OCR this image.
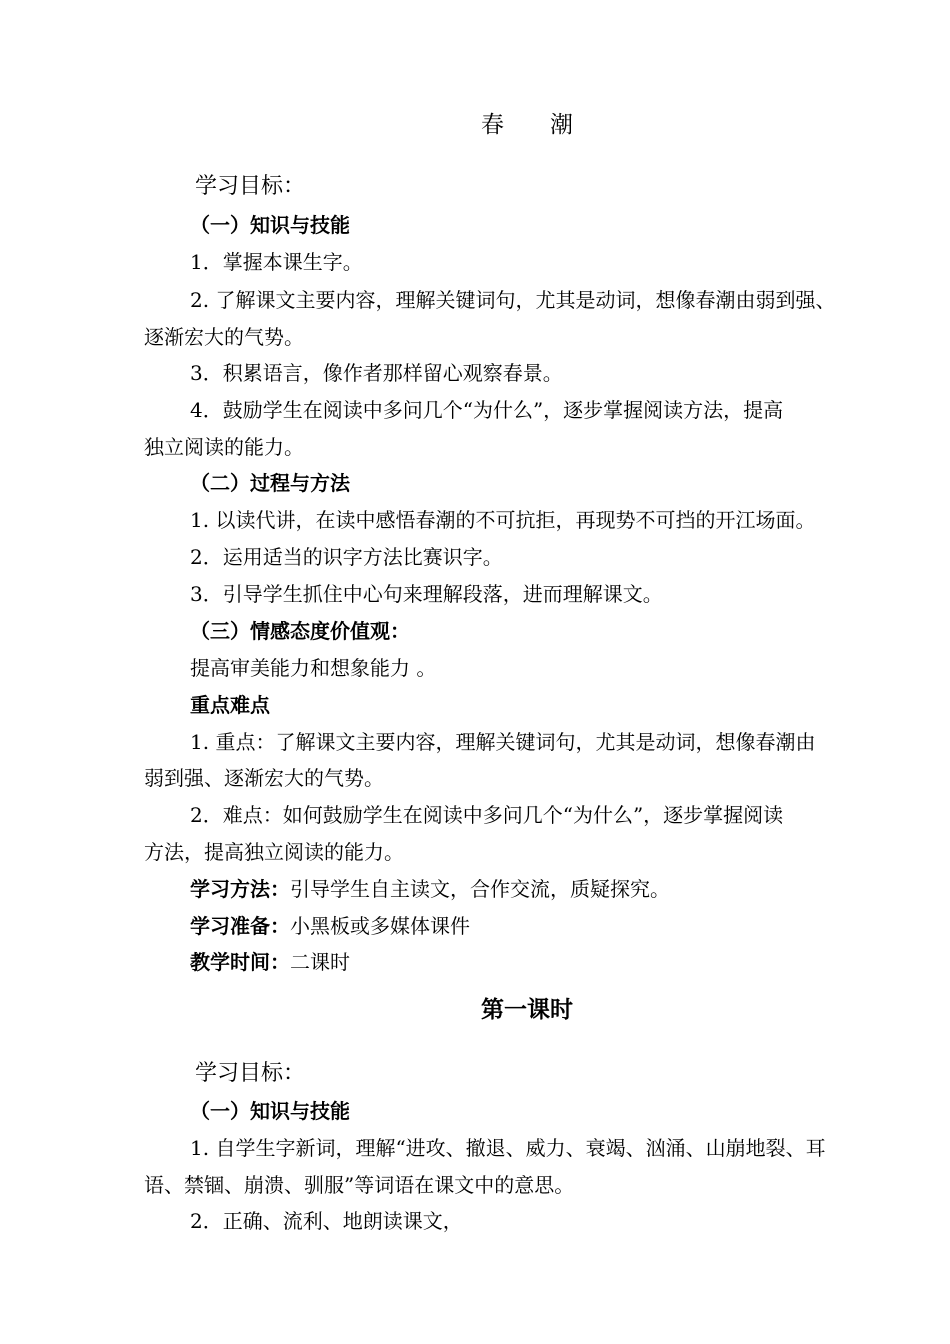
春　　潮
学习目标：
（一）知识与技能
1．掌握本课生字。
2. 了解课文主要内容，理解关键词句，尤其是动词，想像春潮由弱到强、
逐渐宏大的气势。
3．积累语言，像作者那样留心观察春景。
4．鼓励学生在阅读中多问几个“为什么”，逐步掌握阅读方法，提高
独立阅读的能力。
（二）过程与方法
1. 以读代讲，在读中感悟春潮的不可抗拒，再现势不可挡的开江场面。
2．运用适当的识字方法比赛识字。
3．引导学生抓住中心句来理解段落，进而理解课文。
（三）情感态度价值观：
提高审美能力和想象能力 。
重点难点
1. 重点：了解课文主要内容，理解关键词句，尤其是动词，想像春潮由
弱到强、逐渐宏大的气势。
2．难点：如何鼓励学生在阅读中多问几个“为什么”，逐步掌握阅读
方法，提高独立阅读的能力。
学习方法：引导学生自主读文，合作交流，质疑探究。
学习准备：小黑板或多媒体课件
教学时间：二课时
第一课时
学习目标：
（一）知识与技能
1. 自学生字新词，理解“进攻、撤退、威力、衰竭、汹涌、山崩地裂、耳
语、禁锢、崩溃、驯服”等词语在课文中的意思。
2．正确、流利、地朗读课文，
